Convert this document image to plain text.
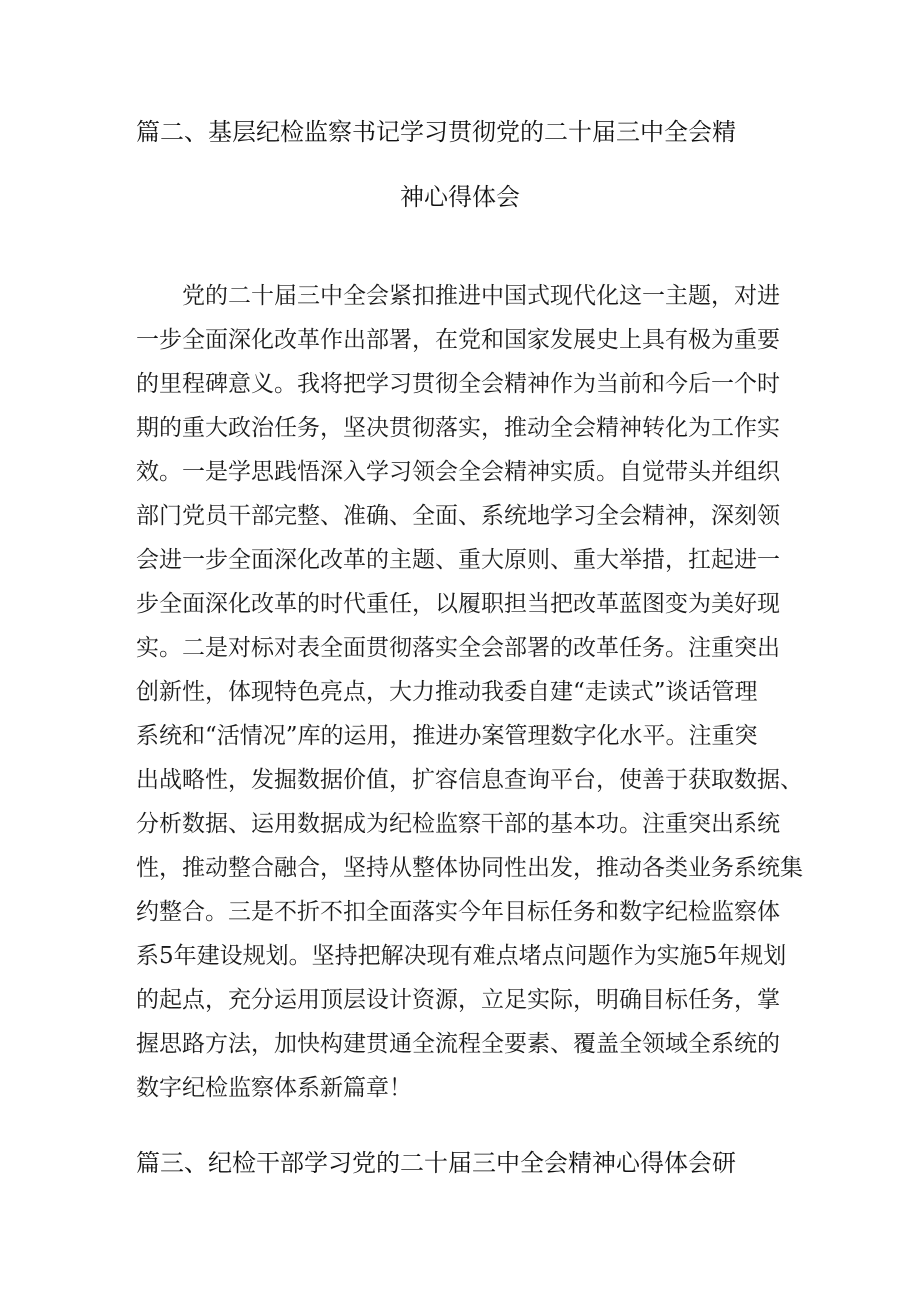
篇二、基层纪检监察书记学习贯彻党的二十届三中全会精
神心得体会
　　党的二十届三中全会紧扣推进中国式现代化这一主题，对进
一步全面深化改革作出部署，在党和国家发展史上具有极为重要
的里程碑意义。我将把学习贯彻全会精神作为当前和今后一个时
期的重大政治任务，坚决贯彻落实，推动全会精神转化为工作实
效。一是学思践悟深入学习领会全会精神实质。自觉带头并组织
部门党员干部完整、准确、全面、系统地学习全会精神，深刻领
会进一步全面深化改革的主题、重大原则、重大举措，扛起进一
步全面深化改革的时代重任，以履职担当把改革蓝图变为美好现
实。二是对标对表全面贯彻落实全会部署的改革任务。注重突出
创新性，体现特色亮点，大力推动我委自建“走读式”谈话管理
系统和“活情况”库的运用，推进办案管理数字化水平。注重突
出战略性，发掘数据价值，扩容信息查询平台，使善于获取数据、
分析数据、运用数据成为纪检监察干部的基本功。注重突出系统
性，推动整合融合，坚持从整体协同性出发，推动各类业务系统集
约整合。三是不折不扣全面落实今年目标任务和数字纪检监察体
系5年建设规划。坚持把解决现有难点堵点问题作为实施5年规划
的起点，充分运用顶层设计资源，立足实际，明确目标任务，掌
握思路方法，加快构建贯通全流程全要素、覆盖全领域全系统的
数字纪检监察体系新篇章！
篇三、纪检干部学习党的二十届三中全会精神心得体会研
